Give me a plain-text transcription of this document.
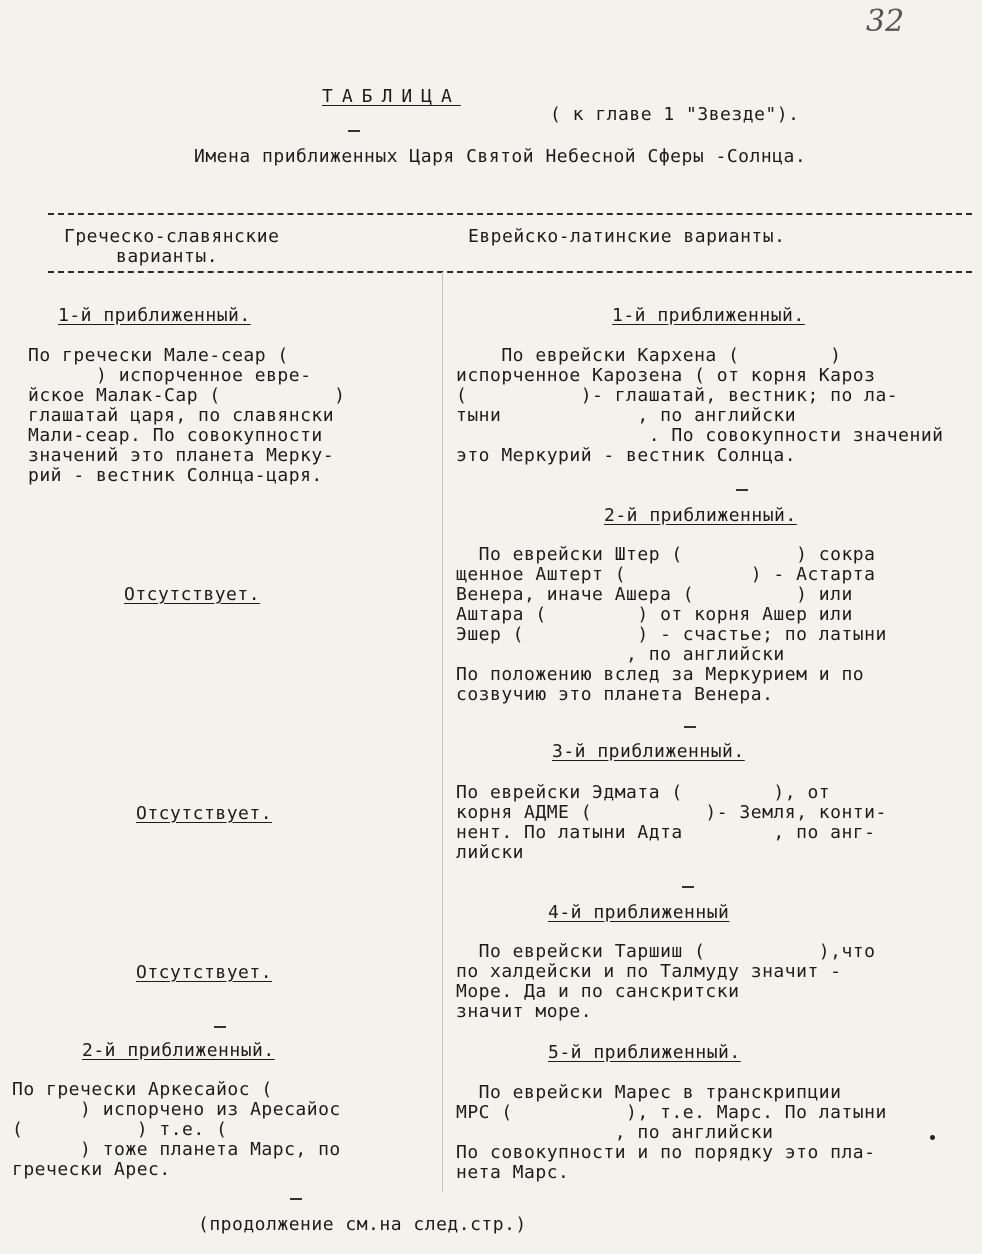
32
ТАБЛИЦА
( к главе 1 "Звезде").
Имена приближенных Царя Святой Небесной Сферы -Солнца.
Греческо-славянские
варианты.
Еврейско-латинские варианты.
1-й приближенный.
По гречески Мале-сеар (
) испорченное евре-
йское Малак-Сар (          )
глашатай царя, по славянски
Мали-сеар. По совокупности
значений это планета Мерку-
рий - вестник Солнца-царя.
Отсутствует.
Отсутствует.
Отсутствует.
2-й приближенный.
По гречески Аркесайос (
) испорчено из Аресайос
(          ) т.е. (
) тоже планета Марс, по
гречески Арес.
1-й приближенный.
По еврейски Кархена (        )
испорченное Карозена ( от корня Кароз
(          )- глашатай, вестник; по ла-
тыни            , по английски
. По совокупности значений
это Меркурий - вестник Солнца.
2-й приближенный.
По еврейски Штер (          ) сокра
щенное Аштерт (           ) - Астарта
Венера, иначе Ашера (         ) или
Аштара (        ) от корня Ашер или
Эшер (          ) - счастье; по латыни
, по английски
По положению вслед за Меркурием и по
созвучию это планета Венера.
3-й приближенный.
По еврейски Эдмата (        ), от
корня АДМЕ (          )- Земля, конти-
нент. По латыни Адта        , по анг-
лийски
4-й приближенный
По еврейски Таршиш (          ),что
по халдейски и по Талмуду значит -
Море. Да и по санскритски
значит море.
5-й приближенный.
По еврейски Марес в транскрипции
МРС (          ), т.е. Марс. По латыни
, по английски
По совокупности и по порядку это пла-
нета Марс.
(продолжение см.на след.стр.)
